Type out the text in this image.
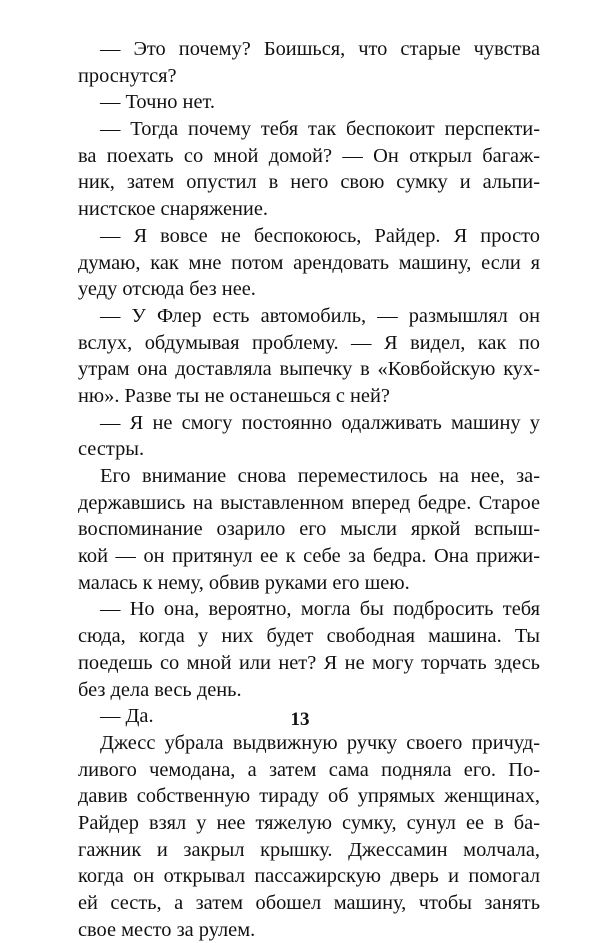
— Это почему? Боишься, что старые чувства
проснутся?
— Точно нет.
— Тогда почему тебя так беспокоит перспекти-
ва поехать со мной домой? — Он открыл багаж-
ник, затем опустил в него свою сумку и альпи-
нистское снаряжение.
— Я вовсе не беспокоюсь, Райдер. Я просто
думаю, как мне потом арендовать машину, если я
уеду отсюда без нее.
— У Флер есть автомобиль, — размышлял он
вслух, обдумывая проблему. — Я видел, как по
утрам она доставляла выпечку в «Ковбойскую кух-
ню». Разве ты не останешься с ней?
— Я не смогу постоянно одалживать машину у
сестры.
Его внимание снова переместилось на нее, за-
державшись на выставленном вперед бедре. Старое
воспоминание озарило его мысли яркой вспыш-
кой — он притянул ее к себе за бедра. Она прижи-
малась к нему, обвив руками его шею.
— Но она, вероятно, могла бы подбросить тебя
сюда, когда у них будет свободная машина. Ты
поедешь со мной или нет? Я не могу торчать здесь
без дела весь день.
— Да.
Джесс убрала выдвижную ручку своего причуд-
ливого чемодана, а затем сама подняла его. По-
давив собственную тираду об упрямых женщинах,
Райдер взял у нее тяжелую сумку, сунул ее в ба-
гажник и закрыл крышку. Джессамин молчала,
когда он открывал пассажирскую дверь и помогал
ей сесть, а затем обошел машину, чтобы занять
свое место за рулем.
13
